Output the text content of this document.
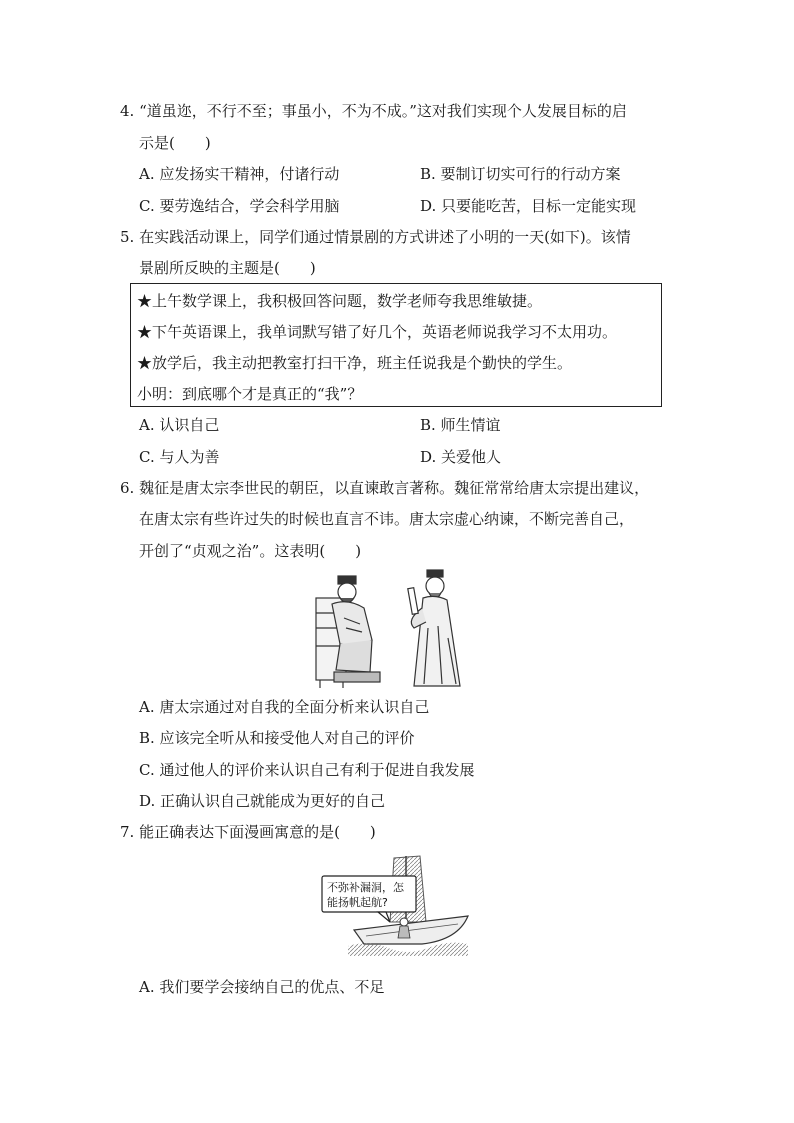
4. “道虽迩，不行不至；事虽小，不为不成。”这对我们实现个人发展目标的启
示是(　　)
A. 应发扬实干精神，付诸行动	B. 要制订切实可行的行动方案
C. 要劳逸结合，学会科学用脑	D. 只要能吃苦，目标一定能实现
5. 在实践活动课上，同学们通过情景剧的方式讲述了小明的一天(如下)。该情
景剧所反映的主题是(　　)
★上午数学课上，我积极回答问题，数学老师夸我思维敏捷。
★下午英语课上，我单词默写错了好几个，英语老师说我学习不太用功。
★放学后，我主动把教室打扫干净，班主任说我是个勤快的学生。
小明：到底哪个才是真正的“我”？
A. 认识自己	B. 师生情谊
C. 与人为善	D. 关爱他人
6. 魏征是唐太宗李世民的朝臣，以直谏敢言著称。魏征常常给唐太宗提出建议，
在唐太宗有些许过失的时候也直言不讳。唐太宗虚心纳谏，不断完善自己，
开创了“贞观之治”。这表明(　　)
A. 唐太宗通过对自我的全面分析来认识自己
B. 应该完全听从和接受他人对自己的评价
C. 通过他人的评价来认识自己有利于促进自我发展
D. 正确认识自己就能成为更好的自己
7. 能正确表达下面漫画寓意的是(　　)
不弥补漏洞，怎
能扬帆起航?
A. 我们要学会接纳自己的优点、不足
